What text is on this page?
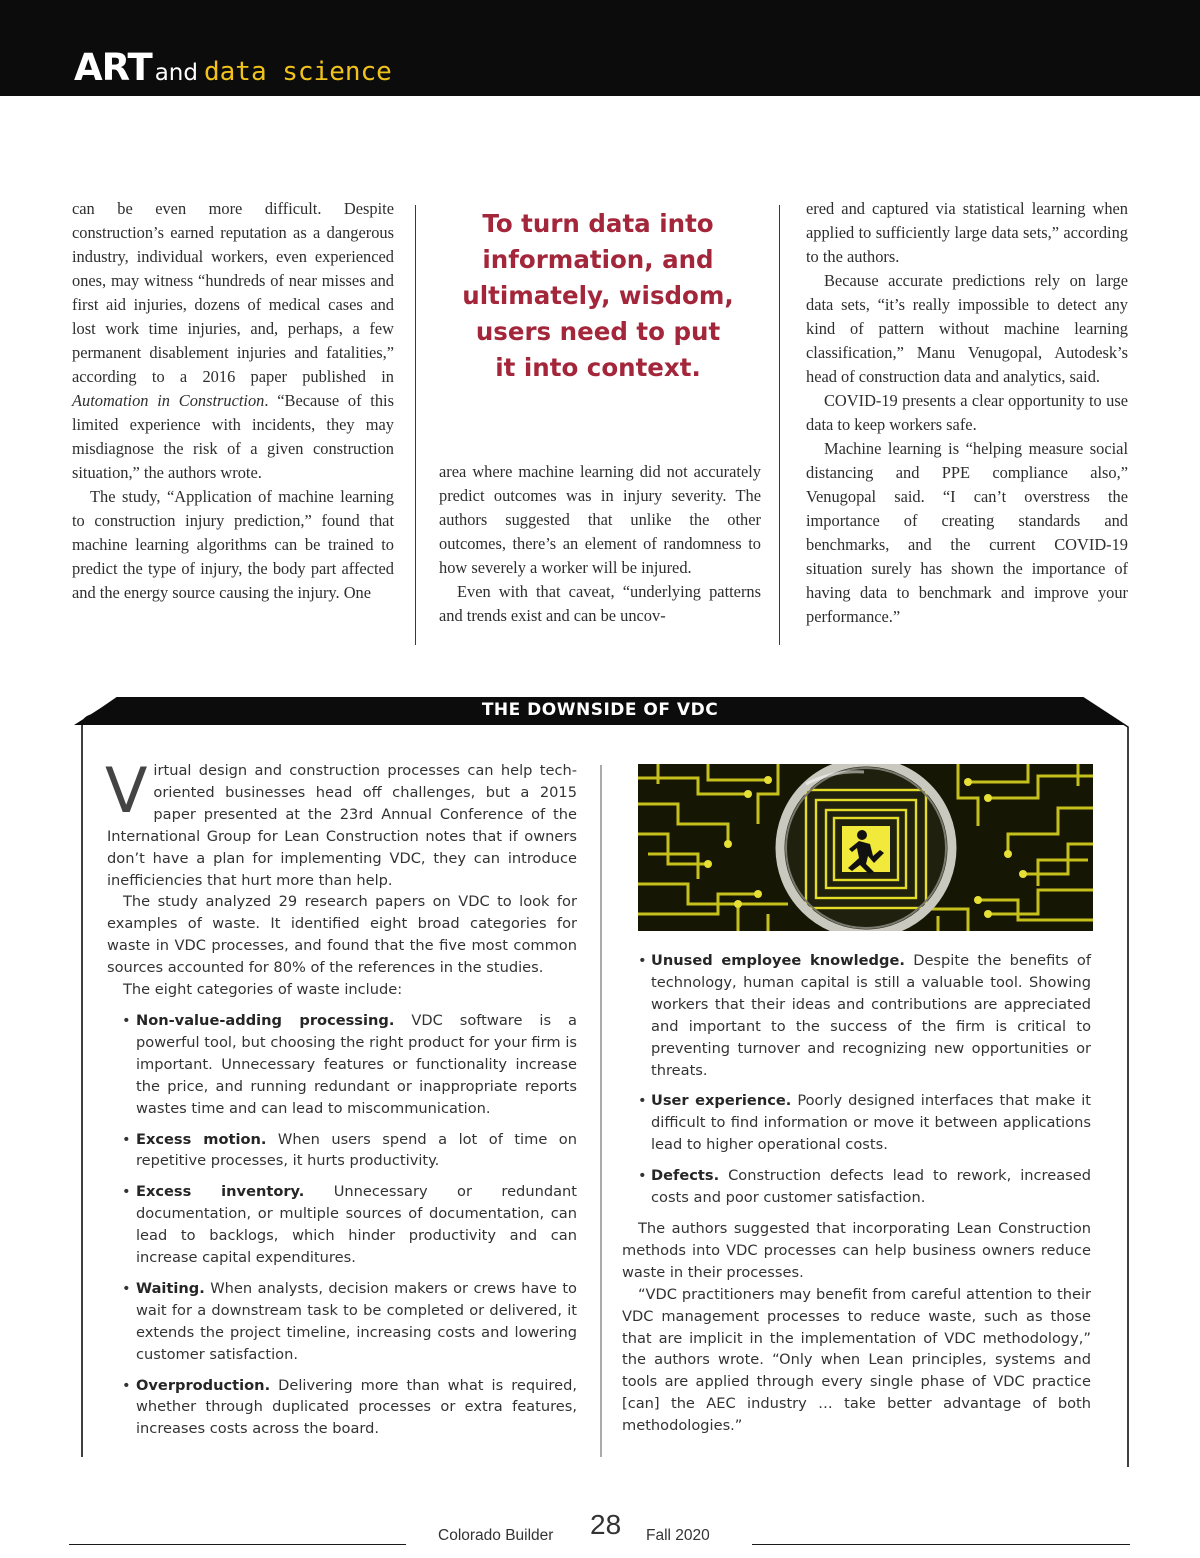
ART and data science

can be even more difficult. Despite construction’s earned reputation as a dangerous industry, individual workers, even experienced ones, may witness “hundreds of near misses and first aid injuries, dozens of medical cases and lost work time injuries, and, perhaps, a few permanent disablement injuries and fatalities,” according to a 2016 paper published in Automation in Construction. “Because of this limited experience with incidents, they may misdiagnose the risk of a given construction situation,” the authors wrote.

The study, “Application of machine learning to construction injury prediction,” found that machine learning algorithms can be trained to predict the type of injury, the body part affected and the energy source causing the injury. One

To turn data into information, and ultimately, wisdom, users need to put it into context.

area where machine learning did not accurately predict outcomes was in injury severity. The authors suggested that unlike the other outcomes, there’s an element of randomness to how severely a worker will be injured.

Even with that caveat, “underlying patterns and trends exist and can be uncov-

ered and captured via statistical learning when applied to sufficiently large data sets,” according to the authors.

Because accurate predictions rely on large data sets, “it’s really impossible to detect any kind of pattern without machine learning classification,” Manu Venugopal, Autodesk’s head of construction data and analytics, said.

COVID-19 presents a clear opportunity to use data to keep workers safe.

Machine learning is “helping measure social distancing and PPE compliance also,” Venugopal said. “I can’t overstress the importance of creating standards and benchmarks, and the current COVID-19 situation surely has shown the importance of having data to benchmark and improve your performance.”

THE DOWNSIDE OF VDC

Virtual design and construction processes can help tech-oriented businesses head off challenges, but a 2015 paper presented at the 23rd Annual Conference of the International Group for Lean Construction notes that if owners don’t have a plan for implementing VDC, they can introduce inefficiencies that hurt more than help.

The study analyzed 29 research papers on VDC to look for examples of waste. It identified eight broad categories for waste in VDC processes, and found that the five most common sources accounted for 80% of the references in the studies.

The eight categories of waste include:

• Non-value-adding processing. VDC software is a powerful tool, but choosing the right product for your firm is important. Unnecessary features or functionality increase the price, and running redundant or inappropriate reports wastes time and can lead to miscommunication.
• Excess motion. When users spend a lot of time on repetitive processes, it hurts productivity.
• Excess inventory. Unnecessary or redundant documentation, or multiple sources of documentation, can lead to backlogs, which hinder productivity and can increase capital expenditures.
• Waiting. When analysts, decision makers or crews have to wait for a downstream task to be completed or delivered, it extends the project timeline, increasing costs and lowering customer satisfaction.
• Overproduction. Delivering more than what is required, whether through duplicated processes or extra features, increases costs across the board.
• Unused employee knowledge. Despite the benefits of technology, human capital is still a valuable tool. Showing workers that their ideas and contributions are appreciated and important to the success of the firm is critical to preventing turnover and recognizing new opportunities or threats.
• User experience. Poorly designed interfaces that make it difficult to find information or move it between applications lead to higher operational costs.
• Defects. Construction defects lead to rework, increased costs and poor customer satisfaction.

The authors suggested that incorporating Lean Construction methods into VDC processes can help business owners reduce waste in their processes.

“VDC practitioners may benefit from careful attention to their VDC management processes to reduce waste, such as those that are implicit in the implementation of VDC methodology,” the authors wrote. “Only when Lean principles, systems and tools are applied through every single phase of VDC practice [can] the AEC industry … take better advantage of both methodologies.”

Colorado Builder 28 Fall 2020
